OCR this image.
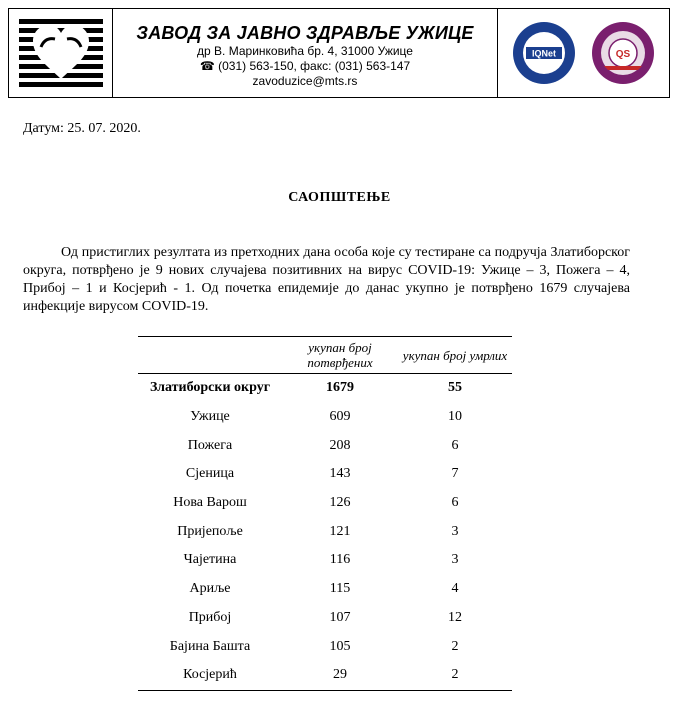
ЗАВОД ЗА ЈАВНО ЗДРАВЉЕ УЖИЦЕ
др В. Маринковића бр. 4, 31000 Ужице
☎ (031) 563-150, факс: (031) 563-147
zavoduzice@mts.rs
IQNet	QS
Датум: 25. 07. 2020.
САОПШТЕЊЕ
Од пристиглих резултата из претходних дана особа које су тестиране са подручја Златиборског округа, потврђено је 9 нових случајева позитивних на вирус COVID-19: Ужице – 3, Пожега – 4, Прибој – 1 и Косјерић - 1. Од почетка епидемије до данас укупно је потврђено 1679 случајева инфекције вирусом COVID-19.
	укупан број потврђених	укупан број умрлих
Златиборски округ	1679	55
Ужице	609	10
Пожега	208	6
Сјеница	143	7
Нова Варош	126	6
Пријепоље	121	3
Чајетина	116	3
Ариље	115	4
Прибој	107	12
Бајина Башта	105	2
Косјерић	29	2
